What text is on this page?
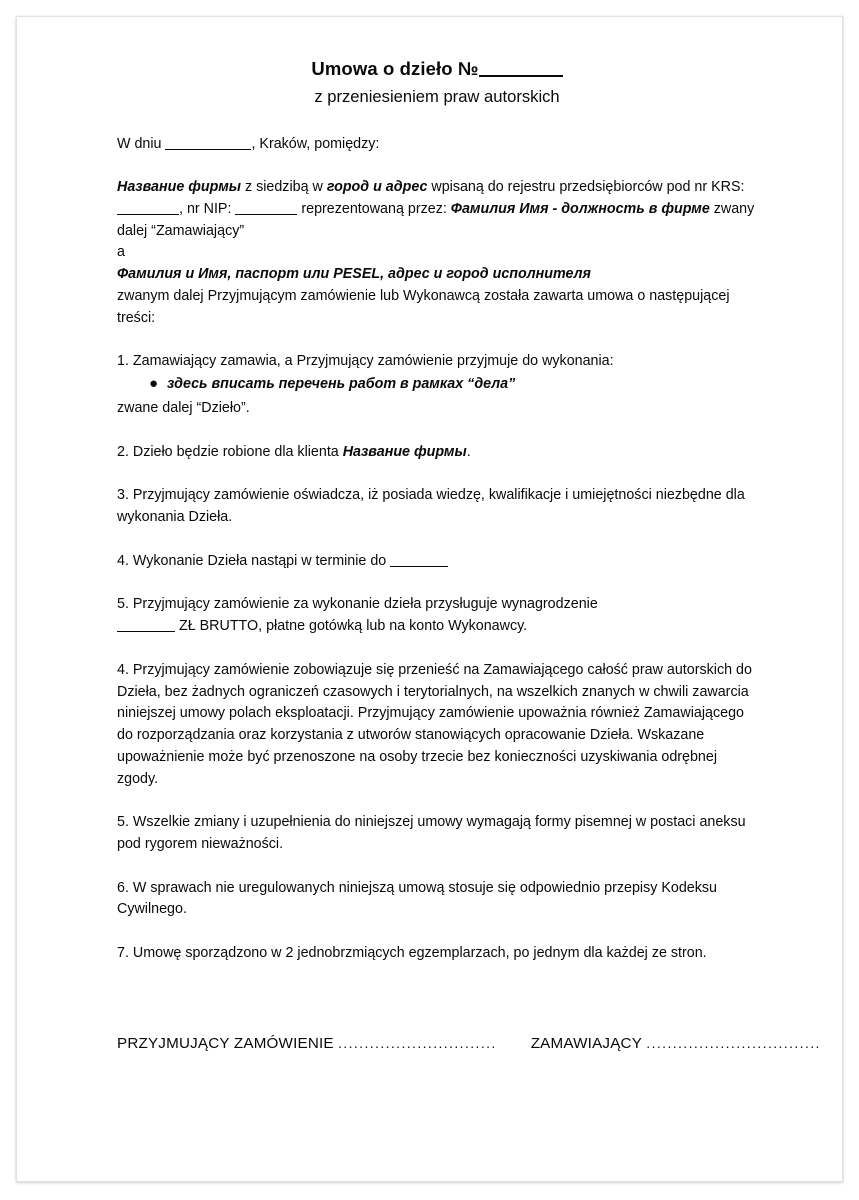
Umowa o dzieło №
z przeniesieniem praw autorskich

W dniu	, Kraków, pomiędzy:

Название фирмы z siedzibą w город и адрес wpisaną do rejestru przedsiębiorców pod nr KRS: , nr NIP:	reprezentowaną przez: Фамилия Имя - должность в фирме zwany dalej “Zamawiający”

a

Фамилия и Имя, паспорт или PESEL, адрес и город исполнителя

zwanym dalej Przyjmującym zamówienie lub Wykonawcą została zawarta umowa o następującej treści:

1. Zamawiający zamawia, a Przyjmujący zamówienie przyjmuje do wykonania:

● здесь вписать перечень работ в рамках “дела”

zwane dalej “Dzieło”.

2. Dzieło będzie robione dla klienta Название фирмы.

3. Przyjmujący zamówienie oświadcza, iż posiada wiedzę, kwalifikacje i umiejętności niezbędne dla wykonania Dzieła.

4. Wykonanie Dzieła nastąpi w terminie do

5. Przyjmujący zamówienie za wykonanie dzieła przysługuje wynagrodzenie
ZŁ BRUTTO, płatne gotówką lub na konto Wykonawcy.

4. Przyjmujący zamówienie zobowiązuje się przenieść na Zamawiającego całość praw autorskich do Dzieła, bez żadnych ograniczeń czasowych i terytorialnych, na wszelkich znanych w chwili zawarcia niniejszej umowy polach eksploatacji. Przyjmujący zamówienie upoważnia również Zamawiającego do rozporządzania oraz korzystania z utworów stanowiących opracowanie Dzieła. Wskazane upoważnienie może być przenoszone na osoby trzecie bez konieczności uzyskiwania odrębnej zgody.

5. Wszelkie zmiany i uzupełnienia do niniejszej umowy wymagają formy pisemnej w postaci aneksu pod rygorem nieważności.

6. W sprawach nie uregulowanych niniejszą umową stosuje się odpowiednio przepisy Kodeksu Cywilnego.

7. Umowę sporządzono w 2 jednobrzmiących egzemplarzach, po jednym dla każdej ze stron.

PRZYJMUJĄCY ZAMÓWIENIE .............................. ZAMAWIAJĄCY .................................
